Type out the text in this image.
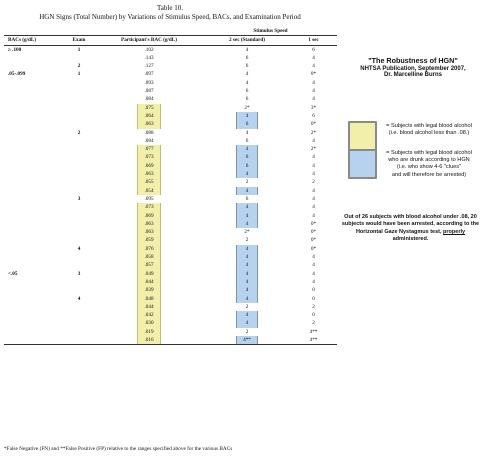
Table 10.
HGN Signs (Total Number) by Variations of Stimulus Speed, BACs, and Examination Period
			Stimulus Speed	
BACs (g/dL)	Exam	Participant's BAC (g/dL)	2 sec (Standard)	1 sec
≥ .100	1	.102	4	6
		.143	6	4
	2	.127	6	4
.05-.099	1	.097	4	0*
		.093	4	4
		.087	6	4
		.084	6	4
		.075	2*	3*
		.064	4	6
		.063	6	0*
	2	.088	4	2*
		.084	6	4
		.077	4	2*
		.073	6	4
		.069	6	4
		.063	4	4
		.055	2	2
		.054	4	4
	3	.095	6	4
		.073	4	4
		.069	4	4
		.063	4	0*
		.063	2*	0*
		.059	2	0*
	4	.076	4	0*
		.058	4	4
		.057	4	4
<.05	3	.049	4	4
		.044	4	4
		.039	4	0
	4	.048	4	0
		.044	2	2
		.042	4	0
		.030	4	2
		.019	2	4**
		.016	4**	4**
*False Negative (FN) and **False Positive (FP) relative to the ranges specified above for the various BACs
"The Robustness of HGN"
NHTSA Publication, September 2007,
Dr. Marcelline Burns
= Subjects with legal blood alcohol
(i.e. blood alcohol less than .08.)
= Subjects with legal blood alcohol
who are drunk according to HGN
(i.e. who show 4-6 "clues"
and will therefore be arrested)
Out of 26 subjects with blood alcohol under .08, 20 subjects would have been arrested, according to the Horizontal Gaze Nystagmus test, properly administered.
